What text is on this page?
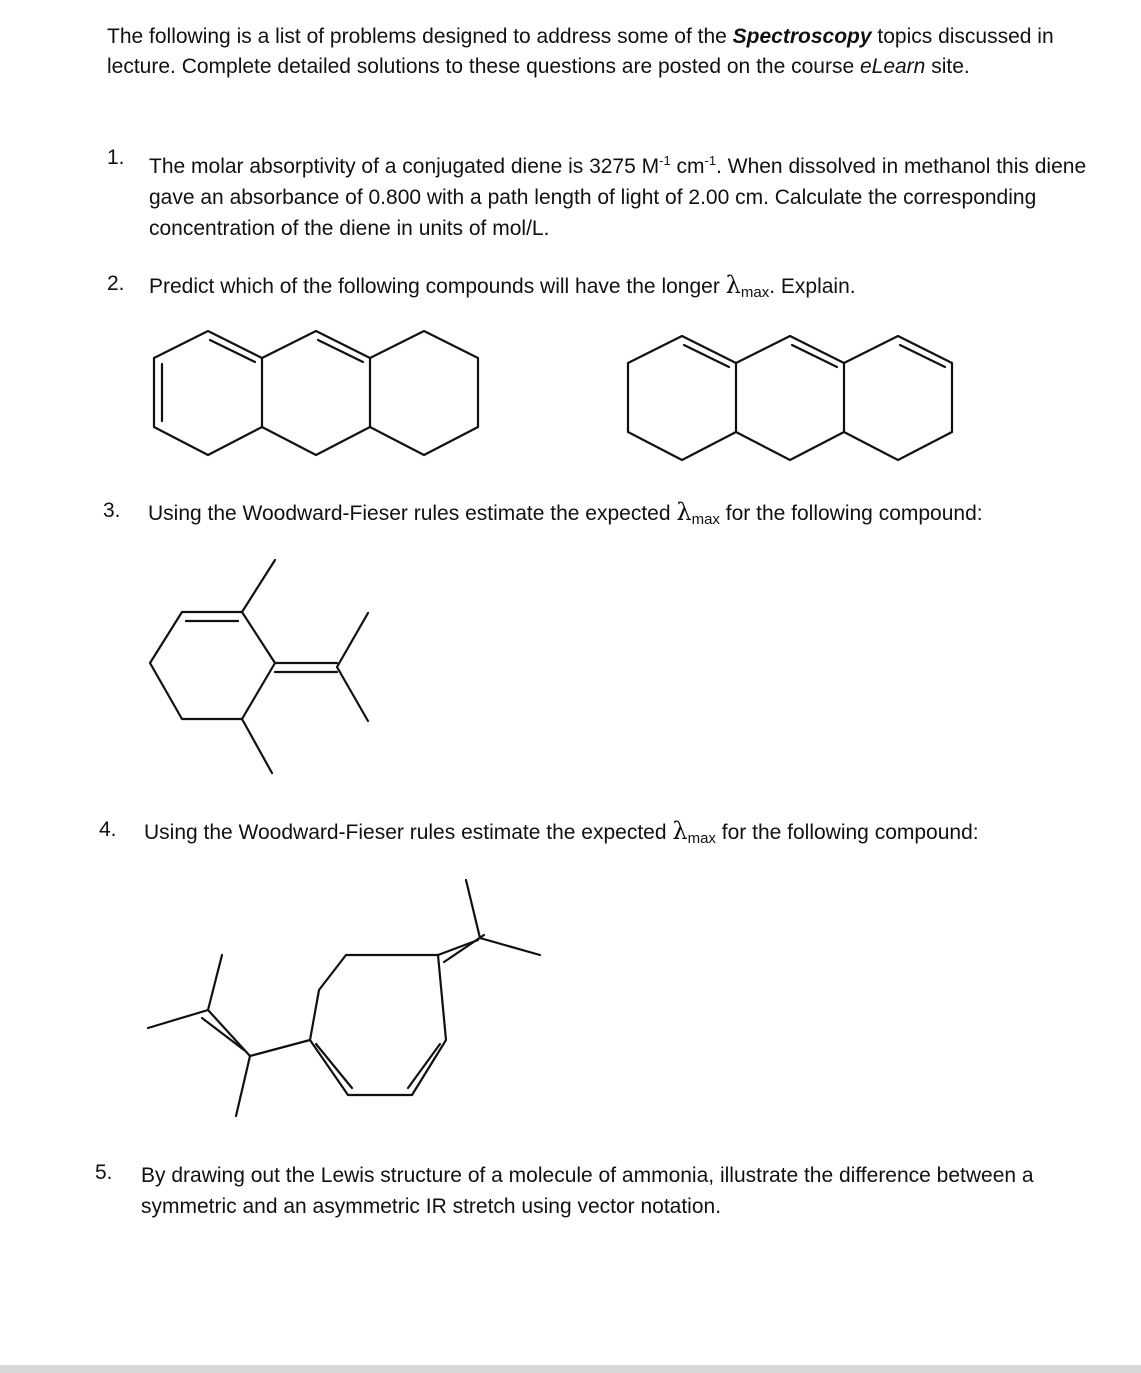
The following is a list of problems designed to address some of the Spectroscopy topics discussed in lecture. Complete detailed solutions to these questions are posted on the course eLearn site.
1. The molar absorptivity of a conjugated diene is 3275 $M^{-1}$ $cm^{-1}$. When dissolved in methanol this diene gave an absorbance of 0.800 with a path length of light of 2.00 cm. Calculate the corresponding concentration of the diene in units of mol/L.
2. Predict which of the following compounds will have the longer $\lambda_{max}$. Explain.
3. Using the Woodward-Fieser rules estimate the expected $\lambda_{max}$ for the following compound:
4. Using the Woodward-Fieser rules estimate the expected $\lambda_{max}$ for the following compound:
5. By drawing out the Lewis structure of a molecule of ammonia, illustrate the difference between a symmetric and an asymmetric IR stretch using vector notation.
